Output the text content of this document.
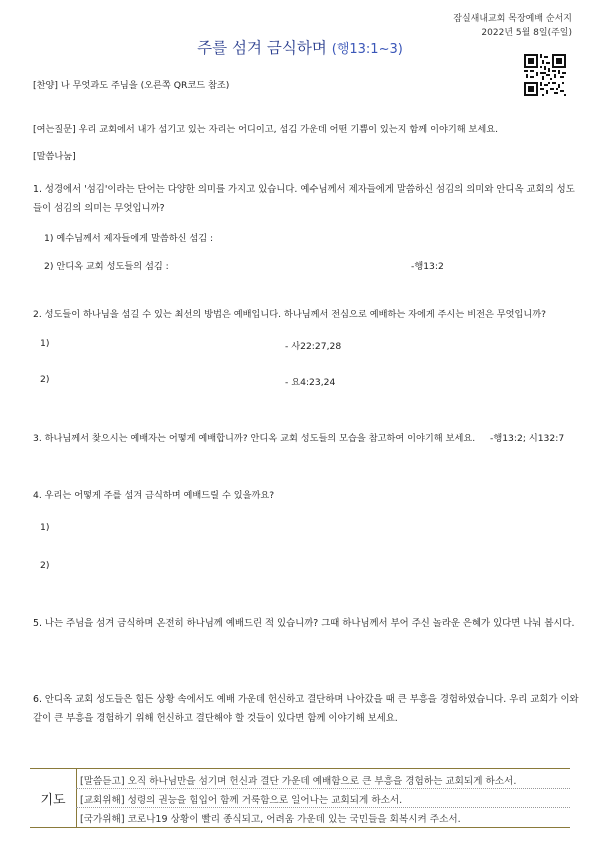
잠실새내교회 목장예배 순서지
2022년 5월 8일(주일)
주를 섬겨 금식하며 (행13:1~3)
[찬양] 나 무엇과도 주님을 (오른쪽 QR코드 참조)
[여는질문] 우리 교회에서 내가 섬기고 있는 자리는 어디이고, 섬김 가운데 어떤 기쁨이 있는지 함께 이야기해 보세요.
[말씀나눔]
1. 성경에서 '섬김'이라는 단어는 다양한 의미를 가지고 있습니다. 예수님께서 제자들에게 말씀하신 섬김의 의미와 안디옥 교회의 성도들이 섬김의 의미는 무엇입니까?
1) 예수님께서 제자들에게 말씀하신 섬김 :
2) 안디옥 교회 성도들의 섬김 :	-행13:2
2. 성도들이 하나님을 섬길 수 있는 최선의 방법은 예배입니다. 하나님께서 전심으로 예배하는 자에게 주시는 비전은 무엇입니까?
1)	- 사22:27,28
2)	- 요4:23,24
3. 하나님께서 찾으시는 예배자는 어떻게 예배합니까? 안디옥 교회 성도들의 모습을 참고하여 이야기해 보세요. -행13:2; 시132:7
4. 우리는 어떻게 주를 섬겨 금식하며 예배드릴 수 있을까요?
1)
2)
5. 나는 주님을 섬겨 금식하며 온전히 하나님께 예배드린 적 있습니까? 그때 하나님께서 부어 주신 놀라운 은혜가 있다면 나눠 봅시다.
6. 안디옥 교회 성도들은 힘든 상황 속에서도 예배 가운데 헌신하고 결단하며 나아갔을 때 큰 부흥을 경험하였습니다. 우리 교회가 이와 같이 큰 부흥을 경험하기 위해 헌신하고 결단해야 할 것들이 있다면 함께 이야기해 보세요.
기도
[말씀듣고] 오직 하나님만을 섬기며 헌신과 결단 가운데 예배함으로 큰 부흥을 경험하는 교회되게 하소서.
[교회위해] 성령의 권능을 힘입어 함께 거룩함으로 일어나는 교회되게 하소서.
[국가위해] 코로나19 상황이 빨리 종식되고, 어려움 가운데 있는 국민들을 회복시켜 주소서.
